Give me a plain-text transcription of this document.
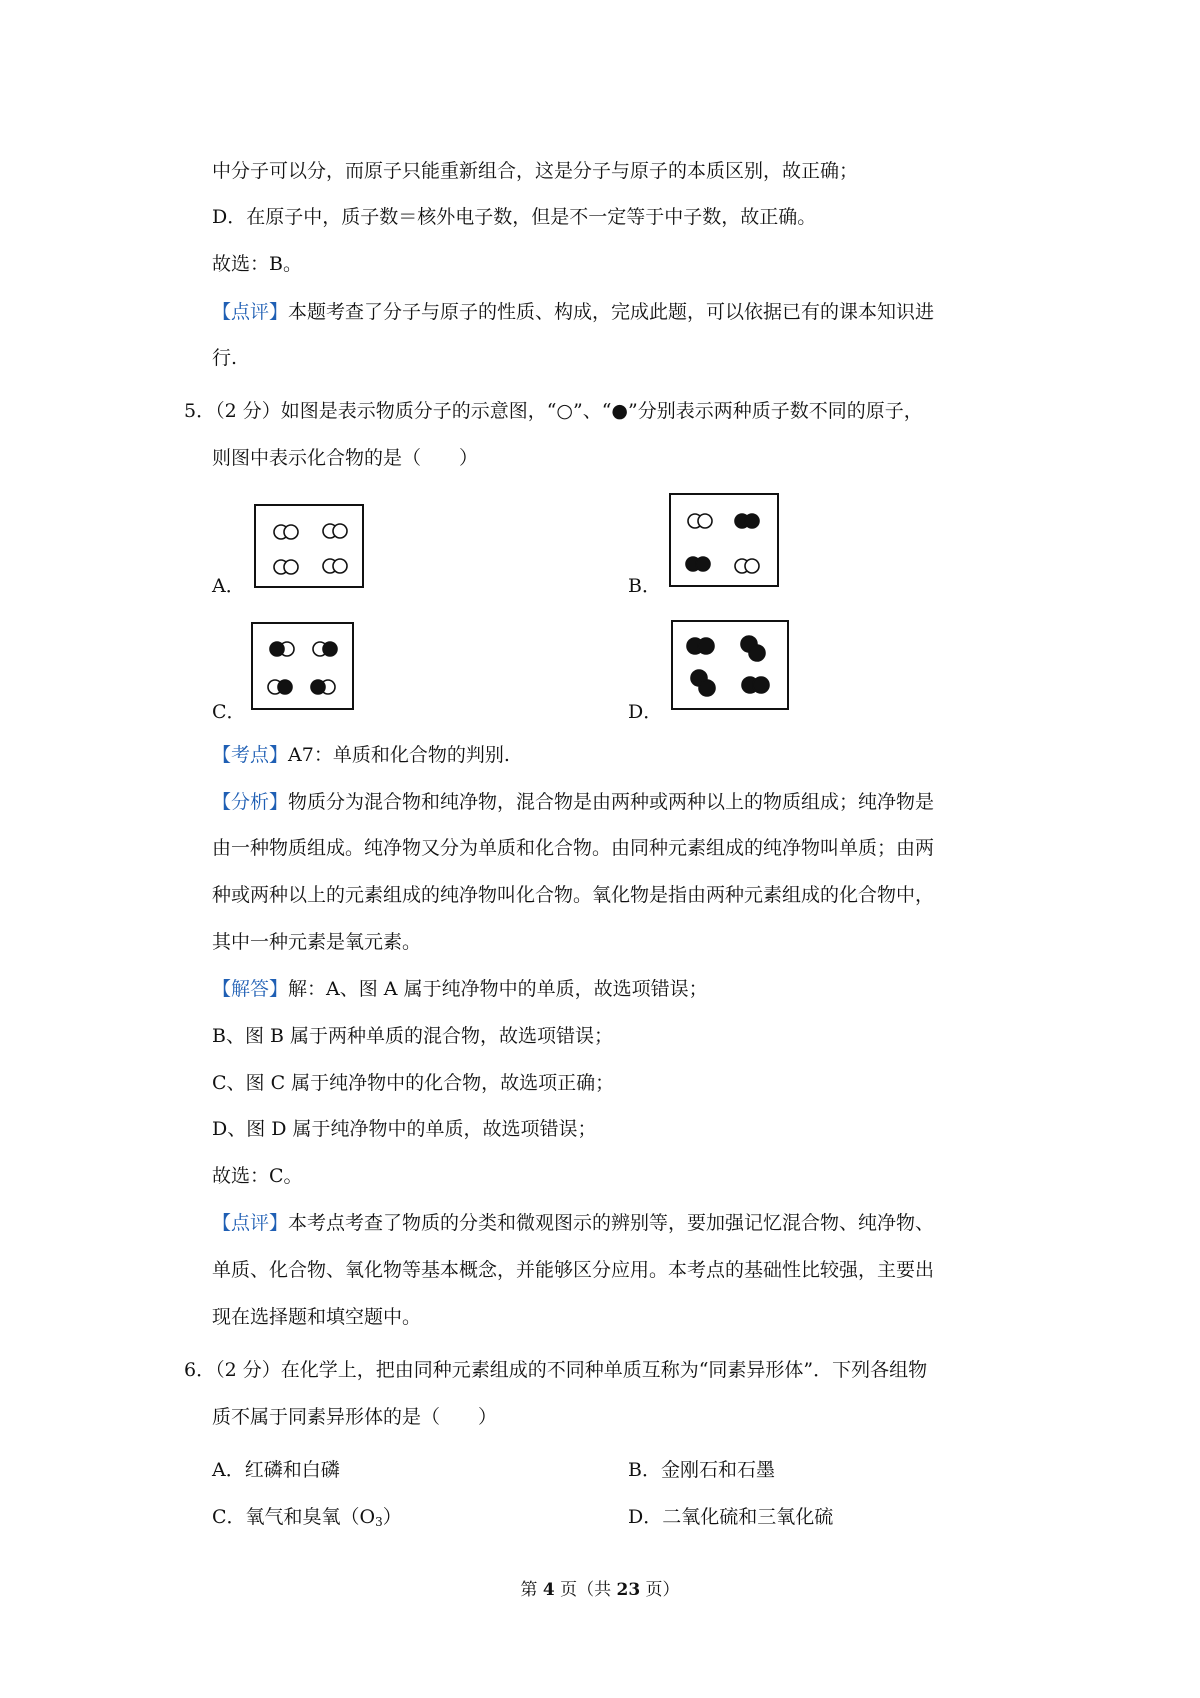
中分子可以分，而原子只能重新组合，这是分子与原子的本质区别，故正确；
D．在原子中，质子数＝核外电子数，但是不一定等于中子数，故正确。
故选：B。
【点评】本题考查了分子与原子的性质、构成，完成此题，可以依据已有的课本知识进
行.
5．（2 分）如图是表示物质分子的示意图，“○”、“●”分别表示两种质子数不同的原子，
则图中表示化合物的是（　　）
A．	B．
C．	D．
【考点】A7：单质和化合物的判别.
【分析】物质分为混合物和纯净物，混合物是由两种或两种以上的物质组成；纯净物是
由一种物质组成。纯净物又分为单质和化合物。由同种元素组成的纯净物叫单质；由两
种或两种以上的元素组成的纯净物叫化合物。氧化物是指由两种元素组成的化合物中，
其中一种元素是氧元素。
【解答】解：A、图 A 属于纯净物中的单质，故选项错误；
B、图 B 属于两种单质的混合物，故选项错误；
C、图 C 属于纯净物中的化合物，故选项正确；
D、图 D 属于纯净物中的单质，故选项错误；
故选：C。
【点评】本考点考查了物质的分类和微观图示的辨别等，要加强记忆混合物、纯净物、
单质、化合物、氧化物等基本概念，并能够区分应用。本考点的基础性比较强，主要出
现在选择题和填空题中。
6．（2 分）在化学上，把由同种元素组成的不同种单质互称为“同素异形体”．下列各组物
质不属于同素异形体的是（　　）
A．红磷和白磷	B．金刚石和石墨
C．氧气和臭氧$(O_3)$	D．二氧化硫和三氧化硫
第 4 页（共 23 页）
